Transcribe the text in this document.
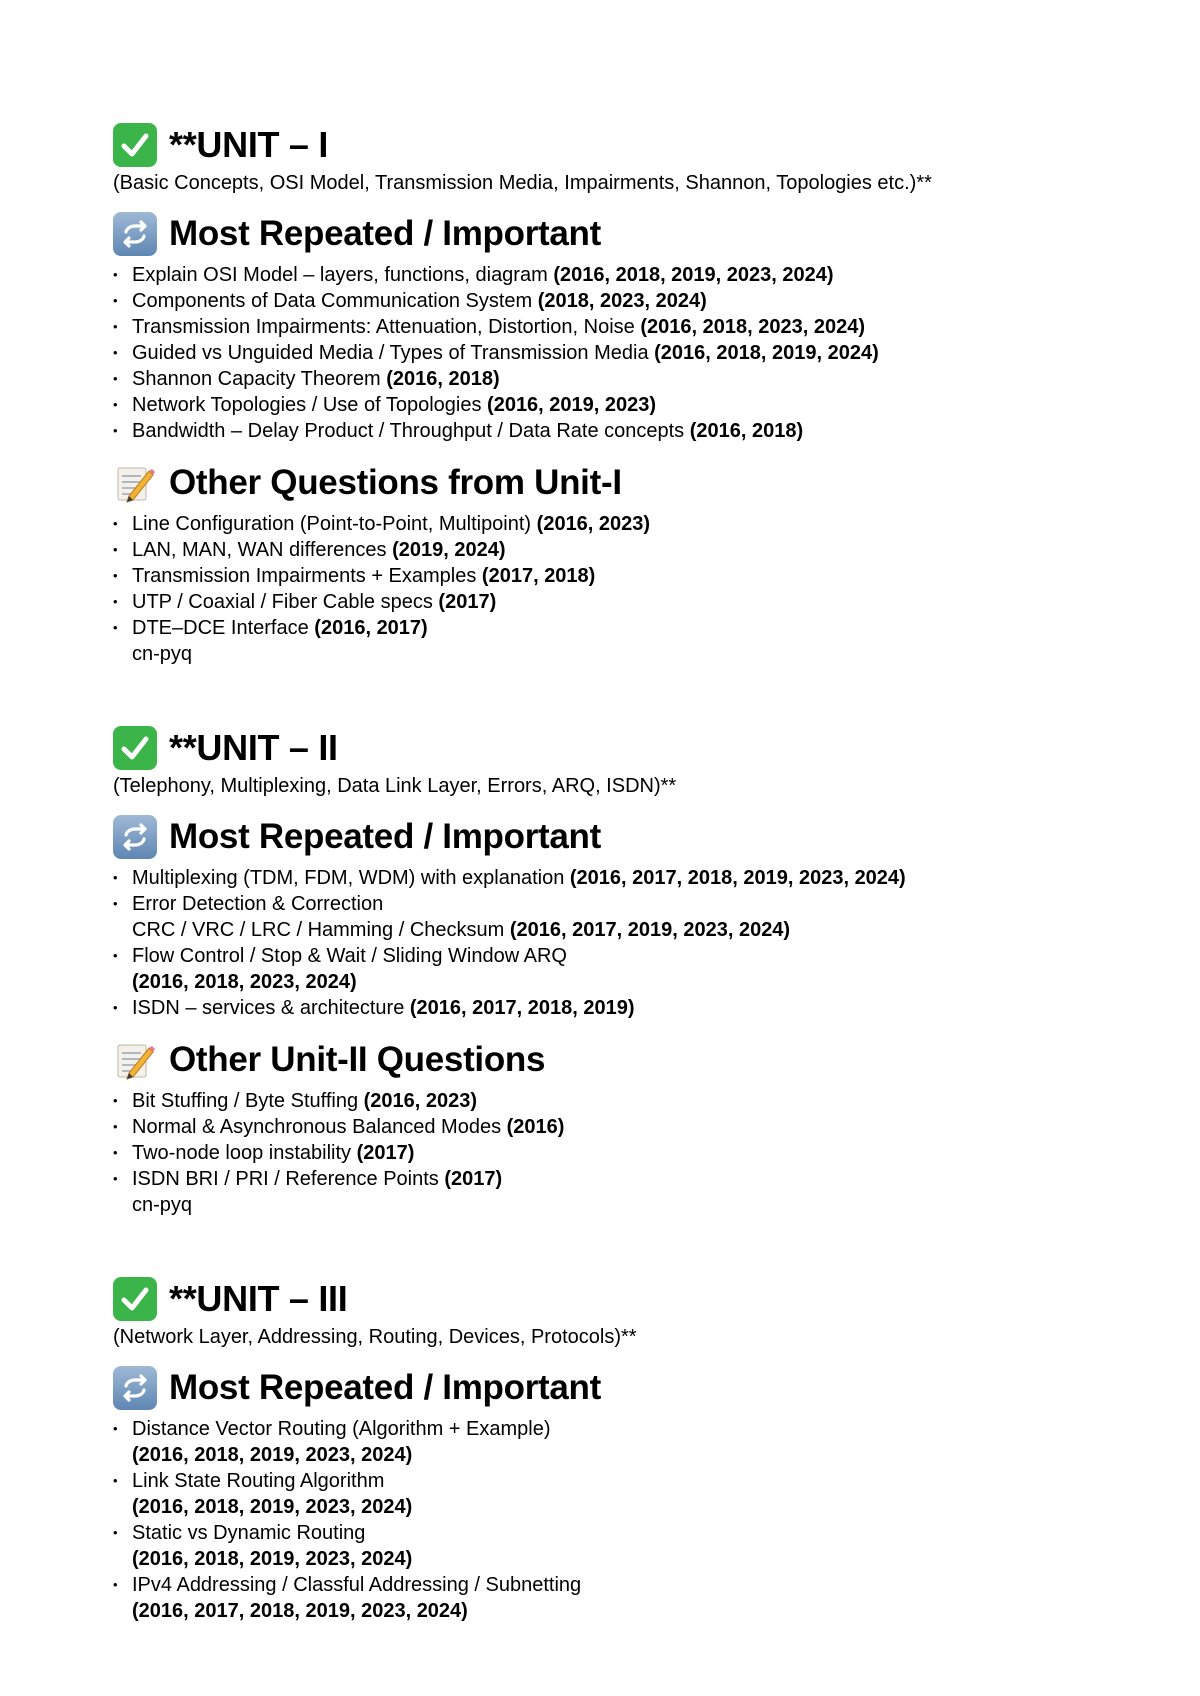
**UNIT – I
(Basic Concepts, OSI Model, Transmission Media, Impairments, Shannon, Topologies etc.)**
Most Repeated / Important
• Explain OSI Model – layers, functions, diagram (2016, 2018, 2019, 2023, 2024)
• Components of Data Communication System (2018, 2023, 2024)
• Transmission Impairments: Attenuation, Distortion, Noise (2016, 2018, 2023, 2024)
• Guided vs Unguided Media / Types of Transmission Media (2016, 2018, 2019, 2024)
• Shannon Capacity Theorem (2016, 2018)
• Network Topologies / Use of Topologies (2016, 2019, 2023)
• Bandwidth – Delay Product / Throughput / Data Rate concepts (2016, 2018)
Other Questions from Unit-I
• Line Configuration (Point-to-Point, Multipoint) (2016, 2023)
• LAN, MAN, WAN differences (2019, 2024)
• Transmission Impairments + Examples (2017, 2018)
• UTP / Coaxial / Fiber Cable specs (2017)
• DTE–DCE Interface (2016, 2017)
cn-pyq
**UNIT – II
(Telephony, Multiplexing, Data Link Layer, Errors, ARQ, ISDN)**
Most Repeated / Important
• Multiplexing (TDM, FDM, WDM) with explanation (2016, 2017, 2018, 2019, 2023, 2024)
• Error Detection & Correction
CRC / VRC / LRC / Hamming / Checksum (2016, 2017, 2019, 2023, 2024)
• Flow Control / Stop & Wait / Sliding Window ARQ
(2016, 2018, 2023, 2024)
• ISDN – services & architecture (2016, 2017, 2018, 2019)
Other Unit-II Questions
• Bit Stuffing / Byte Stuffing (2016, 2023)
• Normal & Asynchronous Balanced Modes (2016)
• Two-node loop instability (2017)
• ISDN BRI / PRI / Reference Points (2017)
cn-pyq
**UNIT – III
(Network Layer, Addressing, Routing, Devices, Protocols)**
Most Repeated / Important
• Distance Vector Routing (Algorithm + Example)
(2016, 2018, 2019, 2023, 2024)
• Link State Routing Algorithm
(2016, 2018, 2019, 2023, 2024)
• Static vs Dynamic Routing
(2016, 2018, 2019, 2023, 2024)
• IPv4 Addressing / Classful Addressing / Subnetting
(2016, 2017, 2018, 2019, 2023, 2024)
